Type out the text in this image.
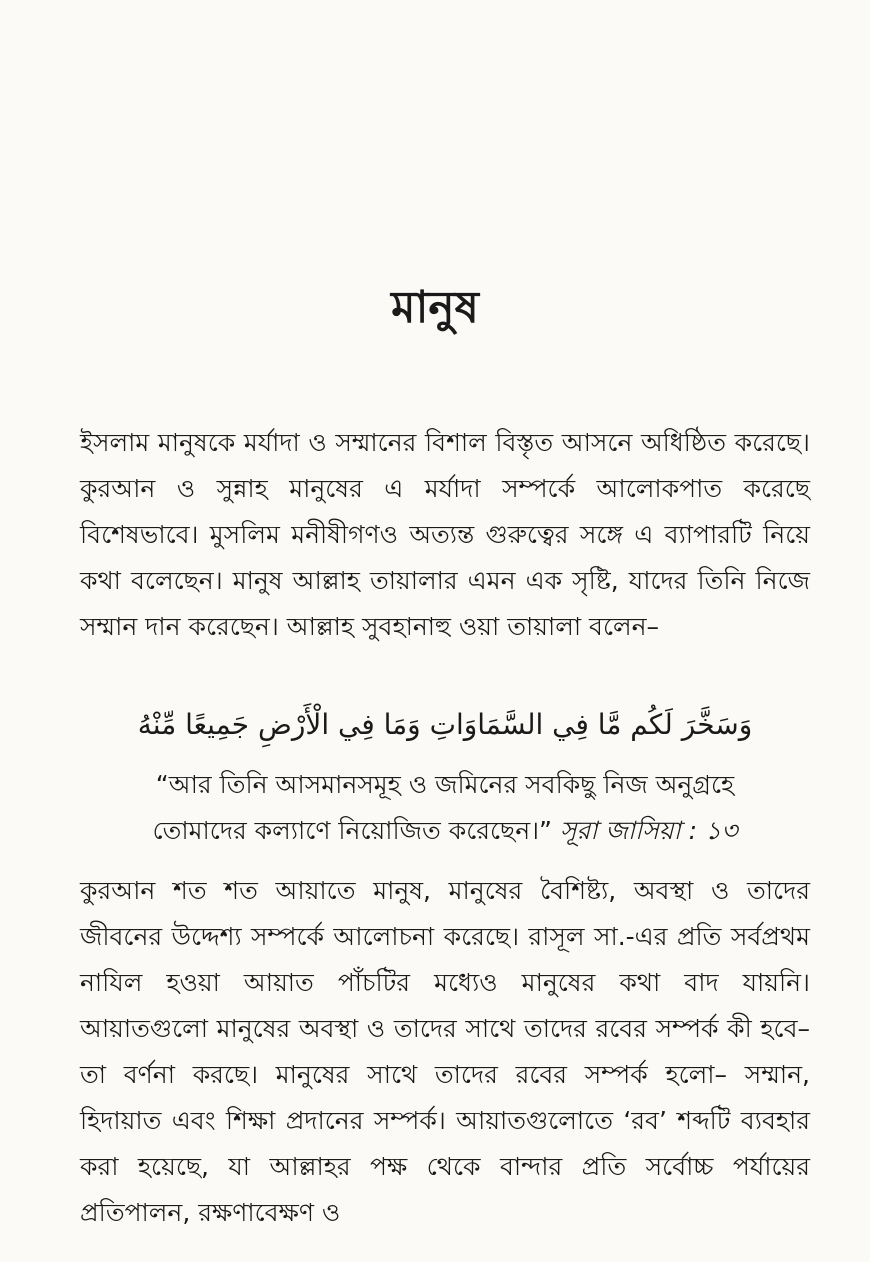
মানুষ

ইসলাম মানুষকে মর্যাদা ও সম্মানের বিশাল বিস্তৃত আসনে অধিষ্ঠিত করেছে। কুরআন ও সুন্নাহ মানুষের এ মর্যাদা সম্পর্কে আলোকপাত করেছে বিশেষভাবে। মুসলিম মনীষীগণও অত্যন্ত গুরুত্বের সঙ্গে এ ব্যাপারটি নিয়ে কথা বলেছেন। মানুষ আল্লাহ তায়ালার এমন এক সৃষ্টি, যাদের তিনি নিজে সম্মান দান করেছেন। আল্লাহ সুবহানাহু ওয়া তায়ালা বলেন–

وَسَخَّرَ لَكُم مَّا فِي السَّمَاوَاتِ وَمَا فِي الْأَرْضِ جَمِيعًا مِّنْهُ

“আর তিনি আসমানসমূহ ও জমিনের সবকিছু নিজ অনুগ্রহে তোমাদের কল্যাণে নিয়োজিত করেছেন।” সূরা জাসিয়া : ১৩

কুরআন শত শত আয়াতে মানুষ, মানুষের বৈশিষ্ট্য, অবস্থা ও তাদের জীবনের উদ্দেশ্য সম্পর্কে আলোচনা করেছে। রাসূল সা.-এর প্রতি সর্বপ্রথম নাযিল হওয়া আয়াত পাঁচটির মধ্যেও মানুষের কথা বাদ যায়নি। আয়াতগুলো মানুষের অবস্থা ও তাদের সাথে তাদের রবের সম্পর্ক কী হবে– তা বর্ণনা করছে। মানুষের সাথে তাদের রবের সম্পর্ক হলো– সম্মান, হিদায়াত এবং শিক্ষা প্রদানের সম্পর্ক। আয়াতগুলোতে ‘রব’ শব্দটি ব্যবহার করা হয়েছে, যা আল্লাহর পক্ষ থেকে বান্দার প্রতি সর্বোচ্চ পর্যায়ের প্রতিপালন, রক্ষণাবেক্ষণ ও
